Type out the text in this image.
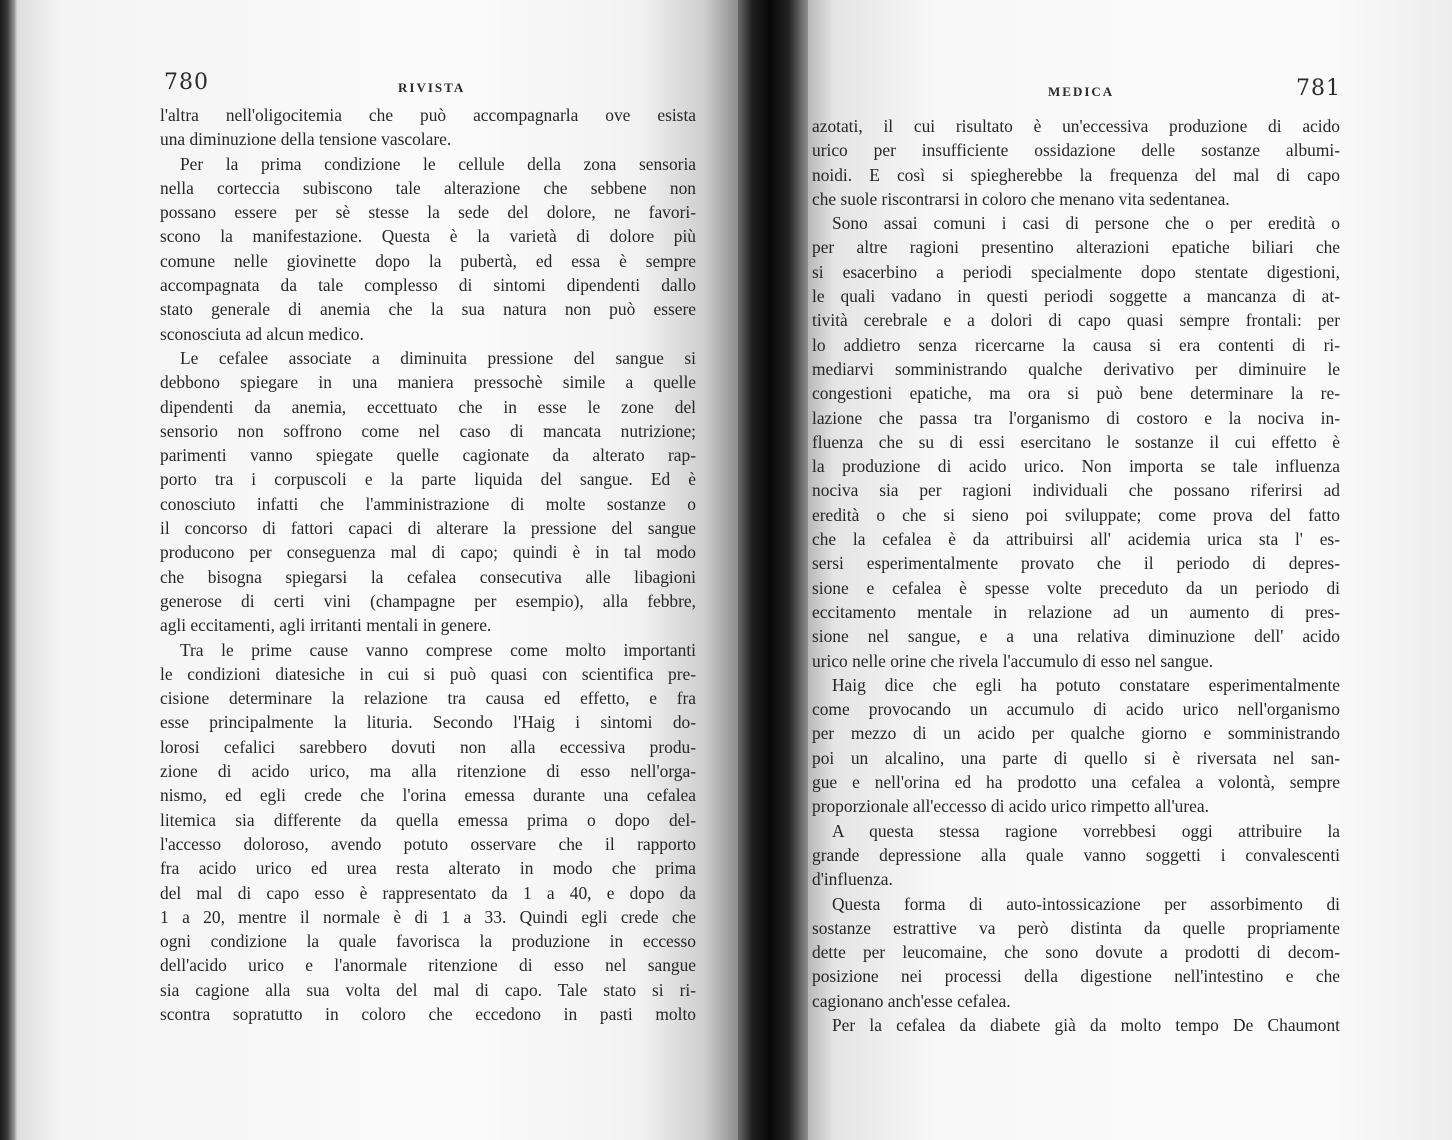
780	RIVISTA
l'altra nell'oligocitemia che può accompagnarla ove esista
una diminuzione della tensione vascolare.
Per la prima condizione le cellule della zona sensoria
nella corteccia subiscono tale alterazione che sebbene non
possano essere per sè stesse la sede del dolore, ne favori-
scono la manifestazione. Questa è la varietà di dolore più
comune nelle giovinette dopo la pubertà, ed essa è sempre
accompagnata da tale complesso di sintomi dipendenti dallo
stato generale di anemia che la sua natura non può essere
sconosciuta ad alcun medico.
Le cefalee associate a diminuita pressione del sangue si
debbono spiegare in una maniera pressochè simile a quelle
dipendenti da anemia, eccettuato che in esse le zone del
sensorio non soffrono come nel caso di mancata nutrizione;
parimenti vanno spiegate quelle cagionate da alterato rap-
porto tra i corpuscoli e la parte liquida del sangue. Ed è
conosciuto infatti che l'amministrazione di molte sostanze o
il concorso di fattori capaci di alterare la pressione del sangue
producono per conseguenza mal di capo; quindi è in tal modo
che bisogna spiegarsi la cefalea consecutiva alle libagioni
generose di certi vini (champagne per esempio), alla febbre,
agli eccitamenti, agli irritanti mentali in genere.
Tra le prime cause vanno comprese come molto importanti
le condizioni diatesiche in cui si può quasi con scientifica pre-
cisione determinare la relazione tra causa ed effetto, e fra
esse principalmente la lituria. Secondo l'Haig i sintomi do-
lorosi cefalici sarebbero dovuti non alla eccessiva produ-
zione di acido urico, ma alla ritenzione di esso nell'orga-
nismo, ed egli crede che l'orina emessa durante una cefalea
litemica sia differente da quella emessa prima o dopo del-
l'accesso doloroso, avendo potuto osservare che il rapporto
fra acido urico ed urea resta alterato in modo che prima
del mal di capo esso è rappresentato da 1 a 40, e dopo da
1 a 20, mentre il normale è di 1 a 33. Quindi egli crede che
ogni condizione la quale favorisca la produzione in eccesso
dell'acido urico e l'anormale ritenzione di esso nel sangue
sia cagione alla sua volta del mal di capo. Tale stato si ri-
scontra sopratutto in coloro che eccedono in pasti molto
MEDICA	781
azotati, il cui risultato è un'eccessiva produzione di acido
urico per insufficiente ossidazione delle sostanze albumi-
noidi. E così si spiegherebbe la frequenza del mal di capo
che suole riscontrarsi in coloro che menano vita sedentanea.
Sono assai comuni i casi di persone che o per eredità o
per altre ragioni presentino alterazioni epatiche biliari che
si esacerbino a periodi specialmente dopo stentate digestioni,
le quali vadano in questi periodi soggette a mancanza di at-
tività cerebrale e a dolori di capo quasi sempre frontali: per
lo addietro senza ricercarne la causa si era contenti di ri-
mediarvi somministrando qualche derivativo per diminuire le
congestioni epatiche, ma ora si può bene determinare la re-
lazione che passa tra l'organismo di costoro e la nociva in-
fluenza che su di essi esercitano le sostanze il cui effetto è
la produzione di acido urico. Non importa se tale influenza
nociva sia per ragioni individuali che possano riferirsi ad
eredità o che si sieno poi sviluppate; come prova del fatto
che la cefalea è da attribuirsi all' acidemia urica sta l' es-
sersi esperimentalmente provato che il periodo di depres-
sione e cefalea è spesse volte preceduto da un periodo di
eccitamento mentale in relazione ad un aumento di pres-
sione nel sangue, e a una relativa diminuzione dell' acido
urico nelle orine che rivela l'accumulo di esso nel sangue.
Haig dice che egli ha potuto constatare esperimentalmente
come provocando un accumulo di acido urico nell'organismo
per mezzo di un acido per qualche giorno e somministrando
poi un alcalino, una parte di quello si è riversata nel san-
gue e nell'orina ed ha prodotto una cefalea a volontà, sempre
proporzionale all'eccesso di acido urico rimpetto all'urea.
A questa stessa ragione vorrebbesi oggi attribuire la
grande depressione alla quale vanno soggetti i convalescenti
d'influenza.
Questa forma di auto-intossicazione per assorbimento di
sostanze estrattive va però distinta da quelle propriamente
dette per leucomaine, che sono dovute a prodotti di decom-
posizione nei processi della digestione nell'intestino e che
cagionano anch'esse cefalea.
Per la cefalea da diabete già da molto tempo De Chaumont
